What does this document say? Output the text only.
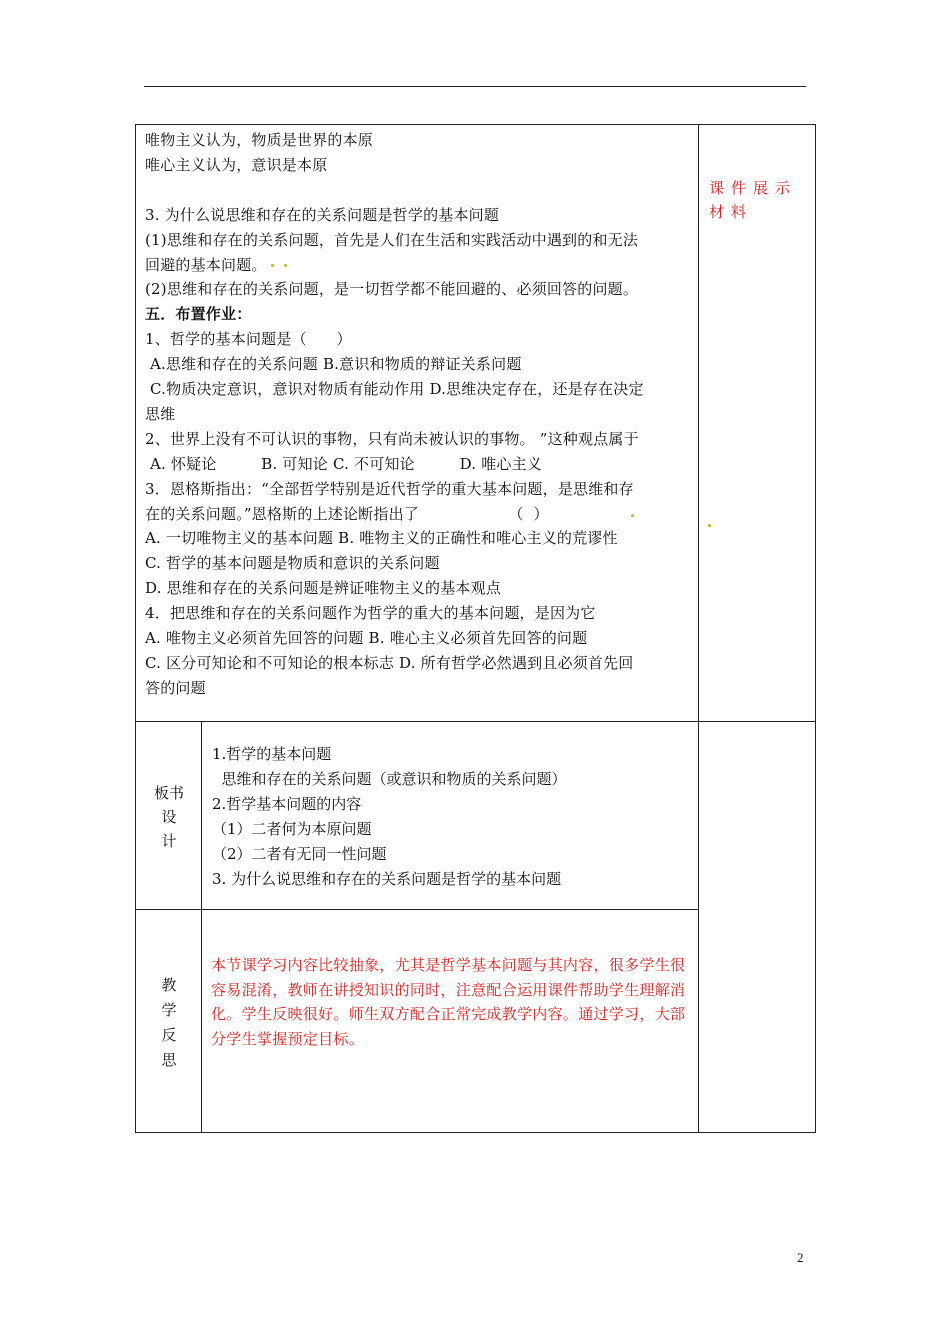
唯物主义认为，物质是世界的本原

唯心主义认为，意识是本原

3. 为什么说思维和存在的关系问题是哲学的基本问题

(1)思维和存在的关系问题，首先是人们在生活和实践活动中遇到的和无法

回避的基本问题。

(2)思维和存在的关系问题，是一切哲学都不能回避的、必须回答的问题。

五．布置作业：

1、哲学的基本问题是（      ）

A.思维和存在的关系问题 B.意识和物质的辩证关系问题

C.物质决定意识，意识对物质有能动作用 D.思维决定存在，还是存在决定

思维

2、世界上没有不可认识的事物，只有尚未被认识的事物。 ”这种观点属于

A. 怀疑论         B. 可知论 C. 不可知论         D. 唯心主义

3．恩格斯指出：“全部哲学特别是近代哲学的重大基本问题，是思维和存

在的关系问题。”恩格斯的上述论断指出了                  （  ）

A. 一切唯物主义的基本问题 B. 唯物主义的正确性和唯心主义的荒谬性

C. 哲学的基本问题是物质和意识的关系问题

D. 思维和存在的关系问题是辨证唯物主义的基本观点

4．把思维和存在的关系问题作为哲学的重大的基本问题，是因为它

A. 唯物主义必须首先回答的问题 B. 唯心主义必须首先回答的问题

C. 区分可知论和不可知论的根本标志 D. 所有哲学必然遇到且必须首先回

答的问题

课件展示材料
板书
设
计

1.哲学的基本问题

思维和存在的关系问题（或意识和物质的关系问题）

2.哲学基本问题的内容

（1）二者何为本原问题

（2）二者有无同一性问题

3. 为什么说思维和存在的关系问题是哲学的基本问题

教
学
反
思
本节课学习内容比较抽象，尤其是哲学基本问题与其内容，很多学生很容易混淆，教师在讲授知识的同时，注意配合运用课件帮助学生理解消化。学生反映很好。师生双方配合正常完成教学内容。通过学习，大部分学生掌握预定目标。
2
